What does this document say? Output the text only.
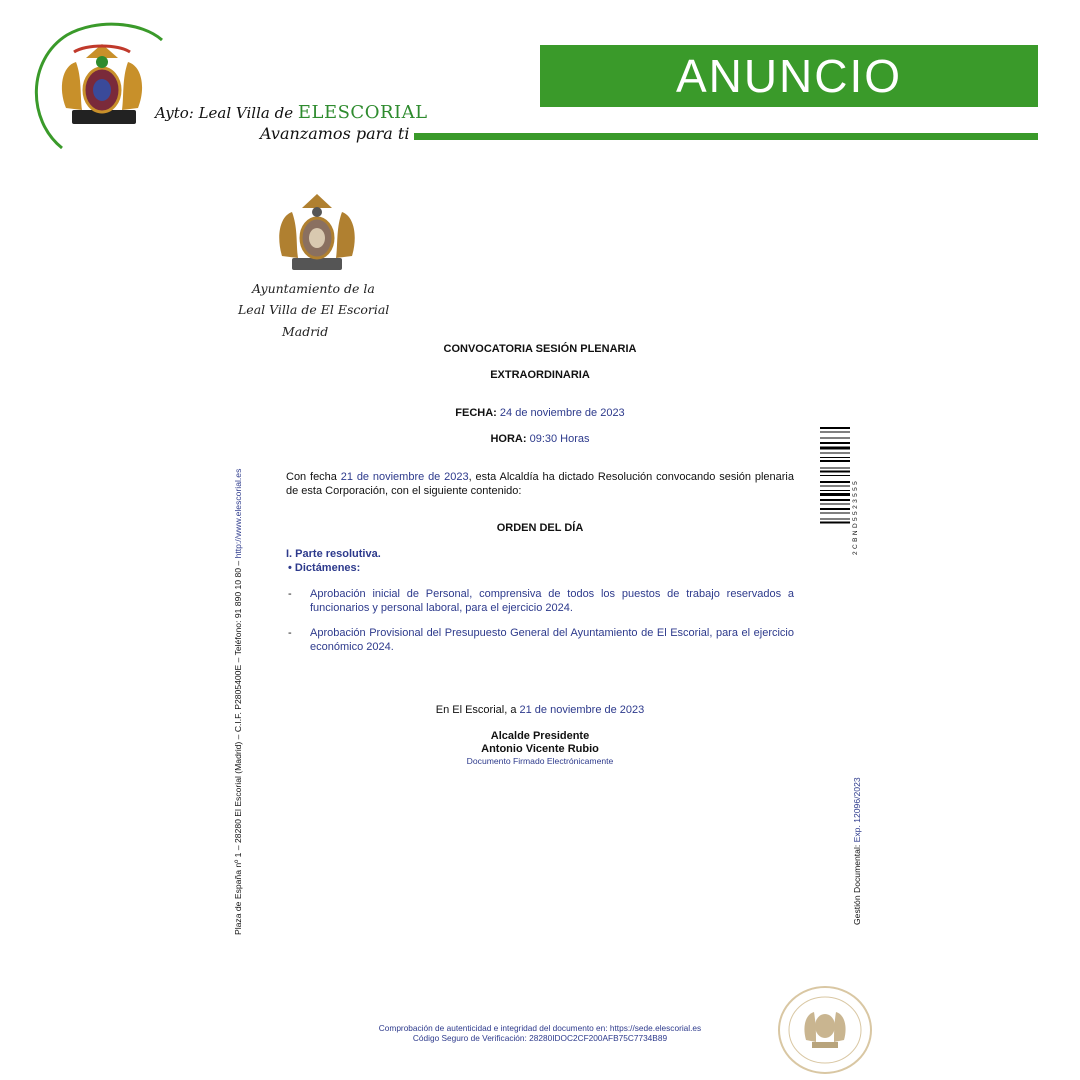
Ayto: Leal Villa de ELESCORIAL
Avanzamos para ti
ANUNCIO
Ayuntamiento de la
Leal Villa de El Escorial
Madrid
CONVOCATORIA SESIÓN PLENARIA
EXTRAORDINARIA
FECHA: 24 de noviembre de 2023
HORA: 09:30 Horas
Con fecha 21 de noviembre de 2023, esta Alcaldía ha dictado Resolución convocando sesión plenaria de esta Corporación, con el siguiente contenido:
ORDEN DEL DÍA
I. Parte resolutiva.
• Dictámenes:
- Aprobación inicial de Personal, comprensiva de todos los puestos de trabajo reservados a funcionarios y personal laboral, para el ejercicio 2024.
- Aprobación Provisional del Presupuesto General del Ayuntamiento de El Escorial, para el ejercicio económico 2024.
En El Escorial, a 21 de noviembre de 2023
Alcalde Presidente
Antonio Vicente Rubio
Documento Firmado Electrónicamente
Plaza de España nº 1 – 28280 El Escorial (Madrid) – C.I.F. P2805400E – Teléfono: 91 890 10 80 – http://www.elescorial.es
Gestión Documental: Exp. 12096/2023
2CBND5523555
Comprobación de autenticidad e integridad del documento en: https://sede.elescorial.es
Código Seguro de Verificación: 28280IDOC2CF200AFB75C7734B89
